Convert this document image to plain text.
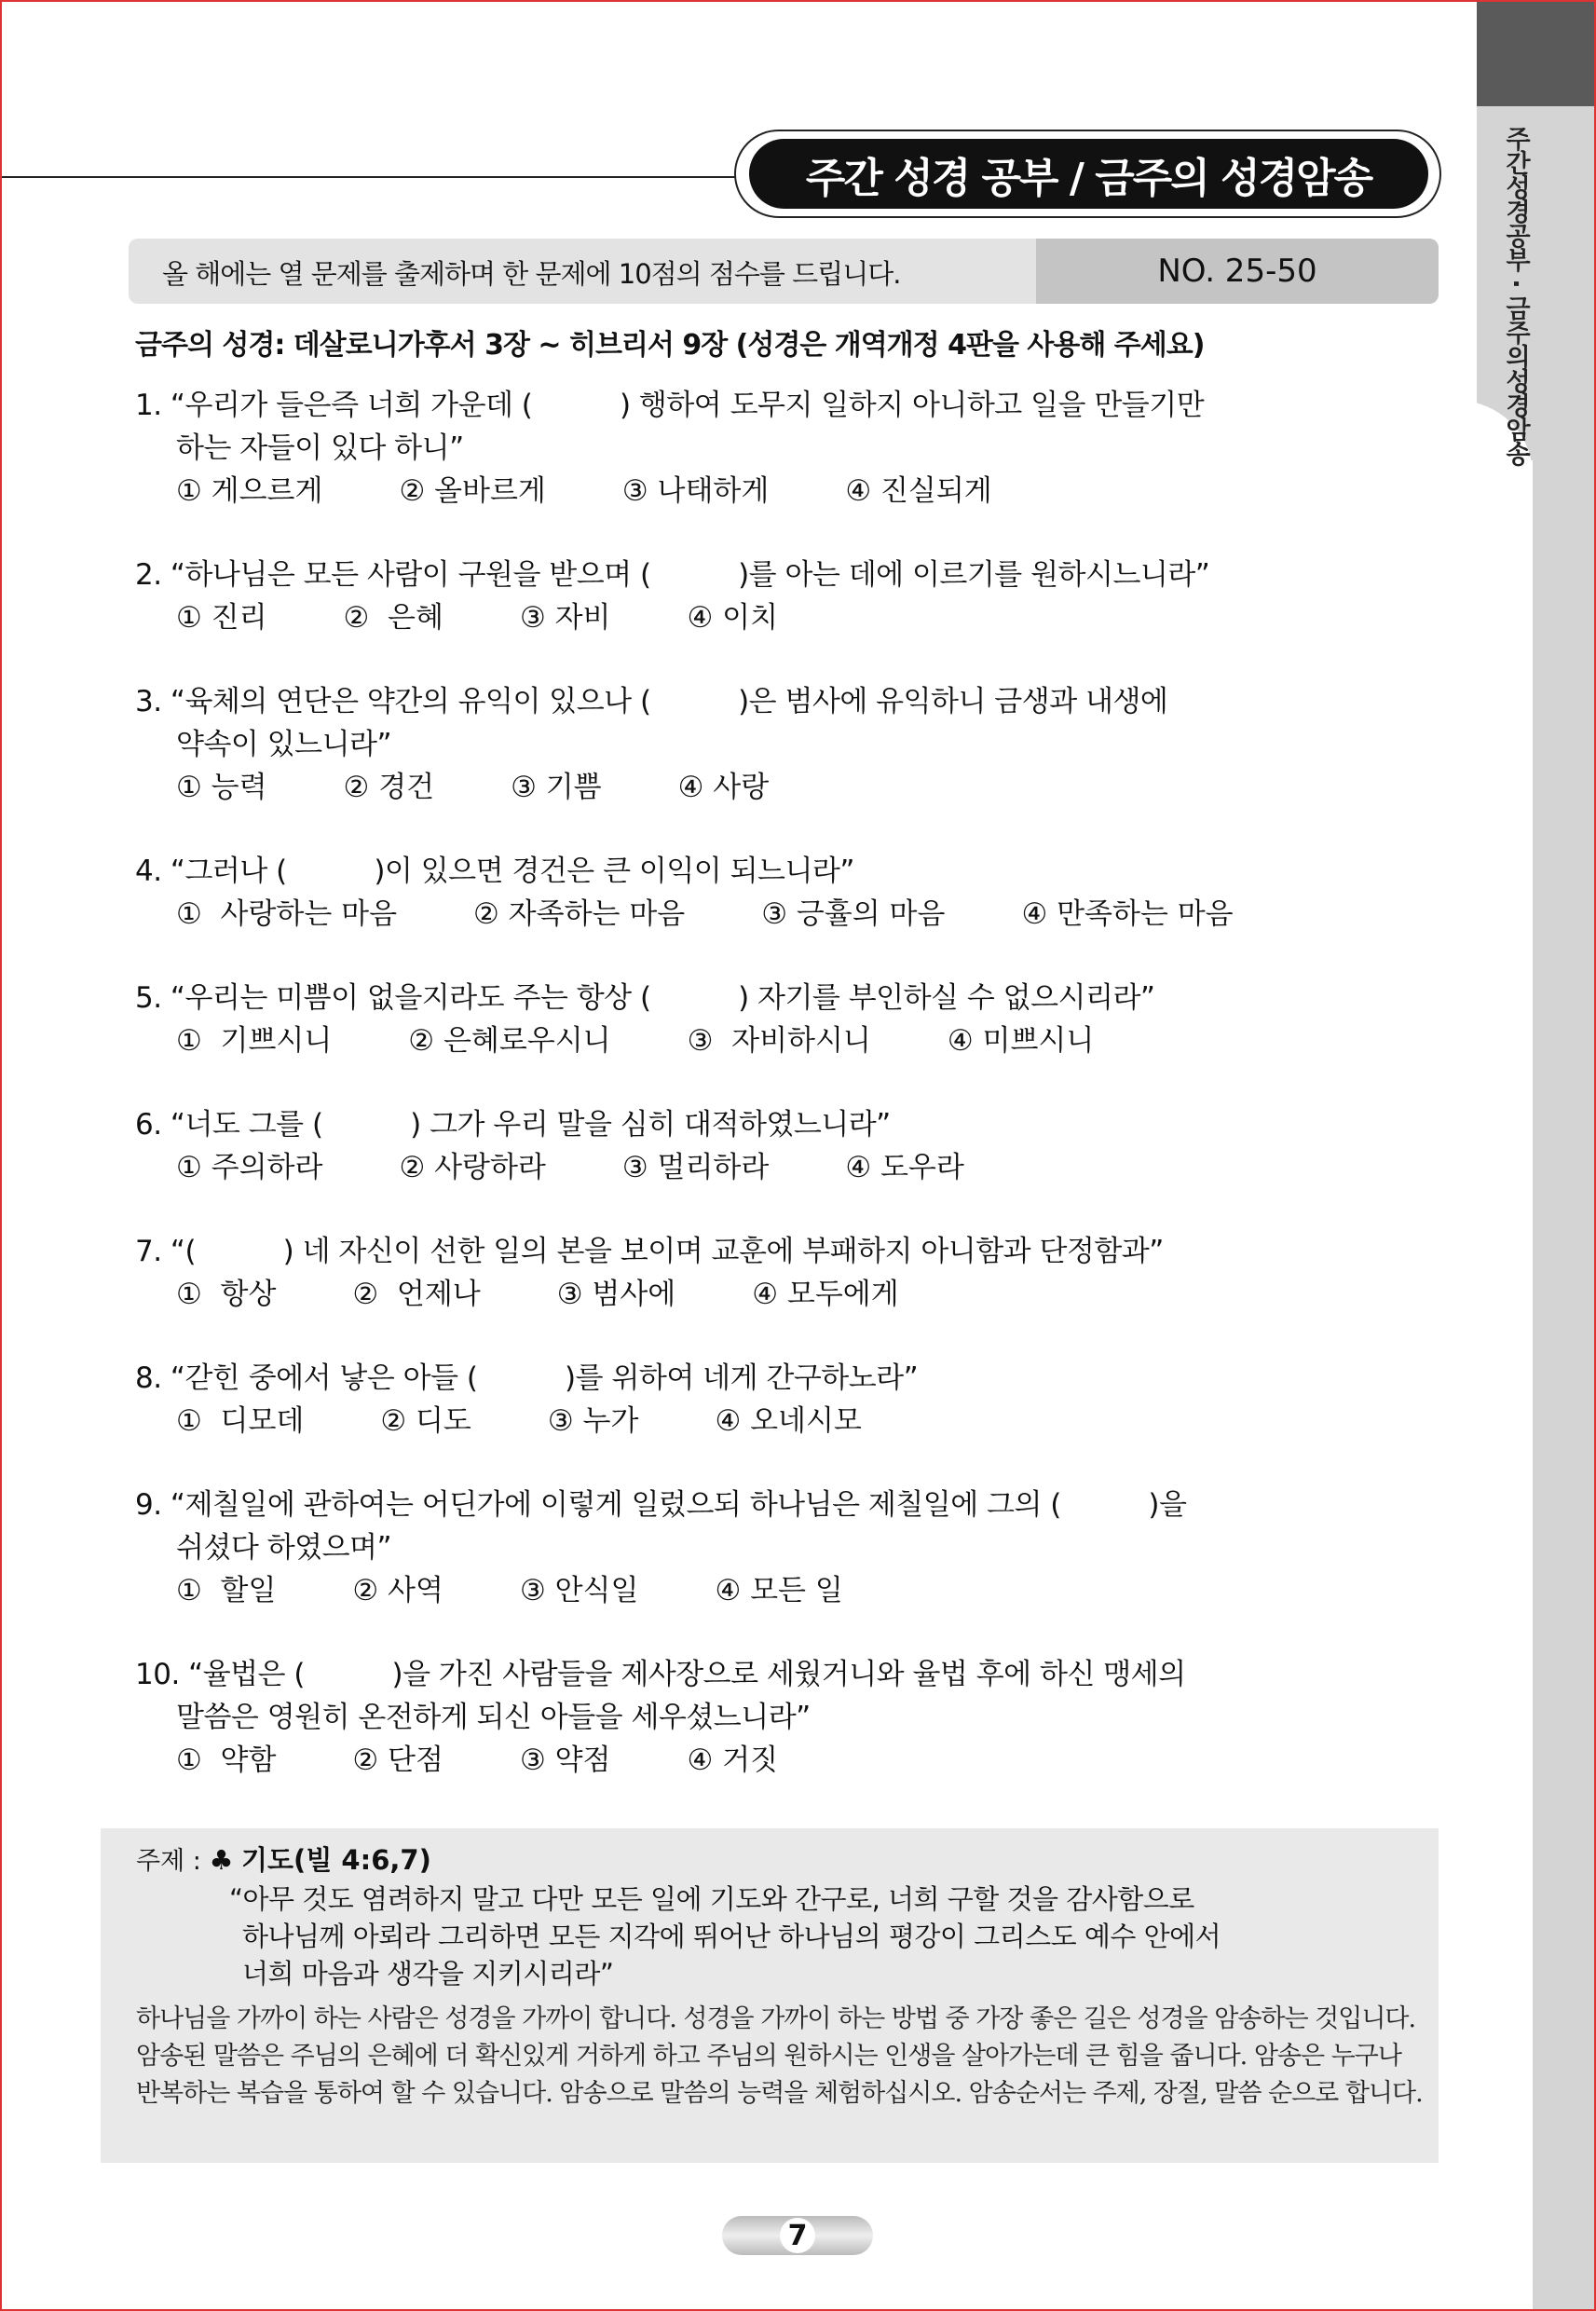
주간성경공부 · 금주의성경암송
주간 성경 공부 / 금주의 성경암송
올 해에는 열 문제를 출제하며 한 문제에 10점의 점수를 드립니다.	NO. 25-50
금주의 성경: 데살로니가후서 3장 ~ 히브리서 9장 (성경은 개역개정 4판을 사용해 주세요)
1. “우리가 들은즉 너희 가운데 (          ) 행하여 도무지 일하지 아니하고 일을 만들기만
하는 자들이 있다 하니”
① 게으르게	② 올바르게	③ 나태하게	④ 진실되게
2. “하나님은 모든 사람이 구원을 받으며 (          )를 아는 데에 이르기를 원하시느니라”
① 진리	②  은혜	③ 자비	④ 이치
3. “육체의 연단은 약간의 유익이 있으나 (          )은 범사에 유익하니 금생과 내생에
약속이 있느니라”
① 능력	② 경건	③ 기쁨	④ 사랑
4. “그러나 (          )이 있으면 경건은 큰 이익이 되느니라”
①  사랑하는 마음	② 자족하는 마음	③ 긍휼의 마음	④ 만족하는 마음
5. “우리는 미쁨이 없을지라도 주는 항상 (          ) 자기를 부인하실 수 없으시리라”
①  기쁘시니	② 은혜로우시니	③  자비하시니	④ 미쁘시니
6. “너도 그를 (          ) 그가 우리 말을 심히 대적하였느니라”
① 주의하라	② 사랑하라	③ 멀리하라	④ 도우라
7. “(          ) 네 자신이 선한 일의 본을 보이며 교훈에 부패하지 아니함과 단정함과”
①  항상	②  언제나	③ 범사에	④ 모두에게
8. “갇힌 중에서 낳은 아들 (          )를 위하여 네게 간구하노라”
①  디모데	② 디도	③ 누가	④ 오네시모
9. “제칠일에 관하여는 어딘가에 이렇게 일렀으되 하나님은 제칠일에 그의 (          )을
쉬셨다 하였으며”
①  할일	② 사역	③ 안식일	④ 모든 일
10. “율법은 (          )을 가진 사람들을 제사장으로 세웠거니와 율법 후에 하신 맹세의
말씀은 영원히 온전하게 되신 아들을 세우셨느니라”
①  약함	② 단점	③ 약점	④ 거짓
주제 : ♣ 기도(빌 4:6,7)
“아무 것도 염려하지 말고 다만 모든 일에 기도와 간구로, 너희 구할 것을 감사함으로
하나님께 아뢰라 그리하면 모든 지각에 뛰어난 하나님의 평강이 그리스도 예수 안에서
너희 마음과 생각을 지키시리라”
하나님을 가까이 하는 사람은 성경을 가까이 합니다. 성경을 가까이 하는 방법 중 가장 좋은 길은 성경을 암송하는 것입니다. 암송된 말씀은 주님의 은혜에 더 확신있게 거하게 하고 주님의 원하시는 인생을 살아가는데 큰 힘을 줍니다. 암송은 누구나 반복하는 복습을 통하여 할 수 있습니다. 암송으로 말씀의 능력을 체험하십시오. 암송순서는 주제, 장절, 말씀 순으로 합니다.
7
